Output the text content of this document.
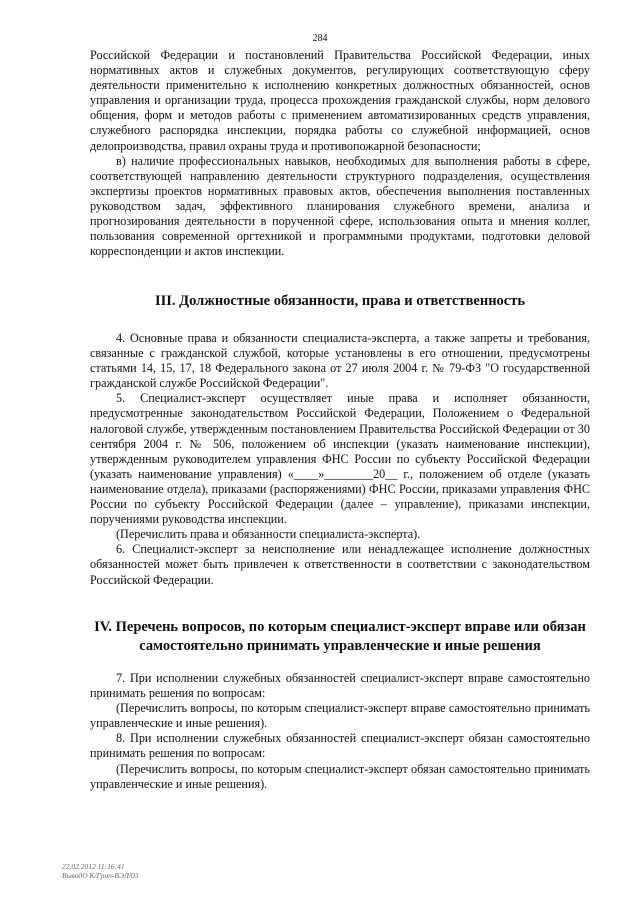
284

Российской Федерации и постановлений Правительства Российской Федерации, иных нормативных актов и служебных документов, регулирующих соответствующую сферу деятельности применительно к исполнению конкретных должностных обязанностей, основ управления и организации труда, процесса прохождения гражданской службы, норм делового общения, форм и методов работы с применением автоматизированных средств управления, служебного распорядка инспекции, порядка работы со служебной информацией, основ делопроизводства, правил охраны труда и противопожарной безопасности;

в) наличие профессиональных навыков, необходимых для выполнения работы в сфере, соответствующей направлению деятельности структурного подразделения, осуществления экспертизы проектов нормативных правовых актов, обеспечения выполнения поставленных руководством задач, эффективного планирования служебного времени, анализа и прогнозирования деятельности в порученной сфере, использования опыта и мнения коллег, пользования современной оргтехникой и программными продуктами, подготовки деловой корреспонденции и актов инспекции.

III. Должностные обязанности, права и ответственность

4. Основные права и обязанности специалиста-эксперта, а также запреты и требования, связанные с гражданской службой, которые установлены в его отношении, предусмотрены статьями 14, 15, 17, 18 Федерального закона от 27 июля 2004 г. № 79-ФЗ "О государственной гражданской службе Российской Федерации".

5. Специалист-эксперт осуществляет иные права и исполняет обязанности, предусмотренные законодательством Российской Федерации, Положением о Федеральной налоговой службе, утвержденным постановлением Правительства Российской Федерации от 30 сентября 2004 г. № 506, положением об инспекции (указать наименование инспекции), утвержденным руководителем управления ФНС России по субъекту Российской Федерации (указать наименование управления) «____»________20__ г., положением об отделе (указать наименование отдела), приказами (распоряжениями) ФНС России, приказами управления ФНС России по субъекту Российской Федерации (далее – управление), приказами инспекции, поручениями руководства инспекции.

(Перечислить права и обязанности специалиста-эксперта).

6. Специалист-эксперт за неисполнение или ненадлежащее исполнение должностных обязанностей может быть привлечен к ответственности в соответствии с законодательством Российской Федерации.

IV. Перечень вопросов, по которым специалист-эксперт вправе или обязан
самостоятельно принимать управленческие и иные решения

7. При исполнении служебных обязанностей специалист-эксперт вправе самостоятельно принимать решения по вопросам:

(Перечислить вопросы, по которым специалист-эксперт вправе самостоятельно принимать управленческие и иные решения).

8. При исполнении служебных обязанностей специалист-эксперт обязан самостоятельно принимать решения по вопросам:

(Перечислить вопросы, по которым специалист-эксперт обязан самостоятельно принимать управленческие и иные решения).

22.02.2012 11:16:41
ВыводО К/Грип-ВЭЛ/03
